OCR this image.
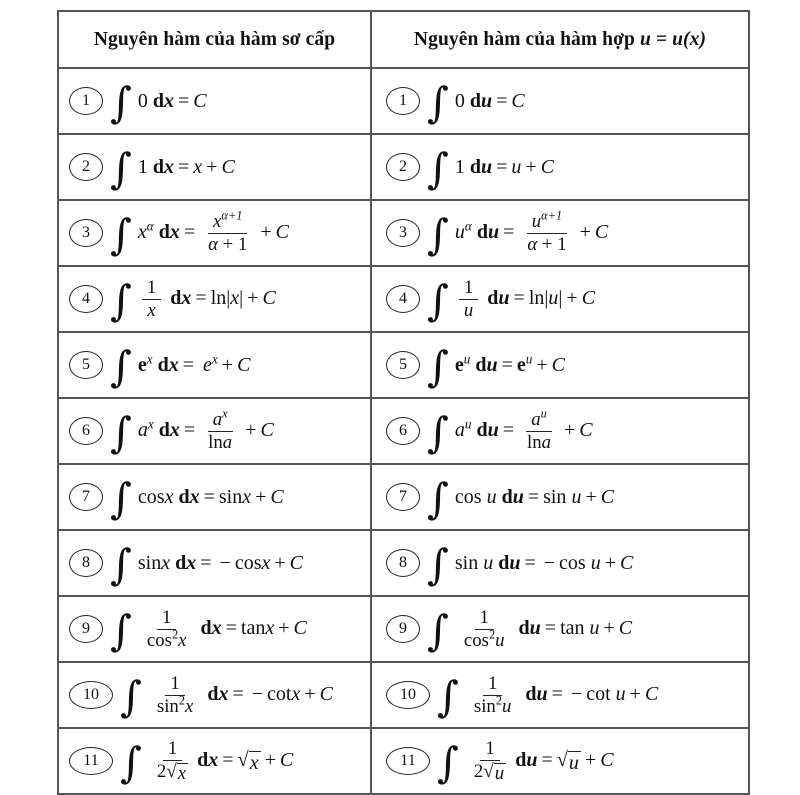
Nguyên hàm của hàm sơ cấp	Nguyên hàm của hàm hợp u = u(x)

1 ∫ 0 dx = C	1 ∫ 0 du = C

2 ∫ 1 dx = x + C	2 ∫ 1 du = u + C

3 ∫ $x^\alpha$ dx = $\frac{x^{\alpha+1}}{\alpha + 1} + C$	3 ∫ $u^\alpha$ du = $\frac{u^{\alpha+1}}{\alpha + 1} + C$

4 ∫ $\frac{1}{x}$ dx = ln|x| + C	4 ∫ $\frac{1}{u}$ du = ln|u| + C

5 ∫ $e^x$ dx = $e^x + C$	5 ∫ $e^u$ du = $e^u + C$

6 ∫ $a^x$ dx = $\frac{a^x}{\ln a} + C$	6 ∫ $a^u$ du = $\frac{a^u}{\ln a} + C$

7 ∫ cosx dx = sinx + C	7 ∫ cos u du = sin u + C

8 ∫ sinx dx = − cosx + C	8 ∫ sin u du = − cos u + C

9 ∫ $\frac{1}{\cos^2x}$ dx = tanx + C	9 ∫ $\frac{1}{\cos^2u}$ du = tan u + C

10 ∫ $\frac{1}{\sin^2x}$ dx = − cotx + C	10 ∫ $\frac{1}{\sin^2u}$ du = − cot u + C

11 ∫ $\frac{1}{2 √ x}$ dx = √ x + C	11 ∫ $\frac{1}{2 √ u}$ du = √ u + C
